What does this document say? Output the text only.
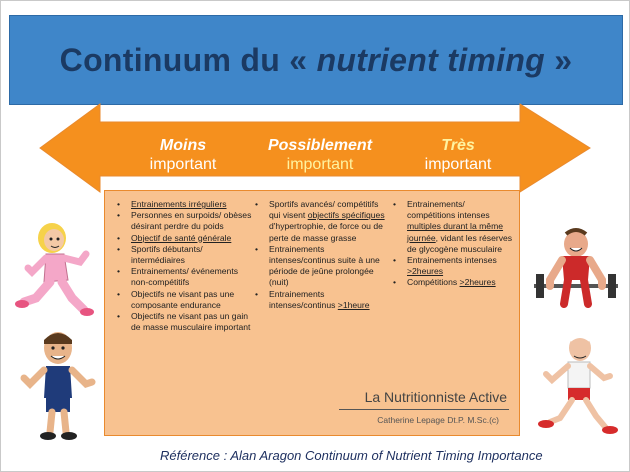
Continuum du « nutrient timing »
Moins
important
Possiblement
important
Très
important
• Entrainements irréguliers
• Personnes en surpoids/ obèses désirant perdre du poids
• Objectif de santé générale
• Sportifs débutants/ intermédiaires
• Entrainements/ événements non-compétitifs
• Objectifs ne visant pas une composante endurance
• Objectifs ne visant pas un gain de masse musculaire important
• Sportifs avancés/ compétitifs qui visent objectifs spécifiques d'hypertrophie, de force ou de perte de masse grasse
• Entrainements intenses/continus suite à une période de jeûne prolongée (nuit)
• Entrainements intenses/continus >1heure
• Entrainements/ compétitions intenses multiples durant la même journée, vidant les réserves de glycogène musculaire
• Entrainements intenses >2heures
• Compétitions >2heures
La Nutritionniste Active
Catherine Lepage Dt.P. M.Sc.(c)
Référence : Alan Aragon Continuum of Nutrient Timing Importance
